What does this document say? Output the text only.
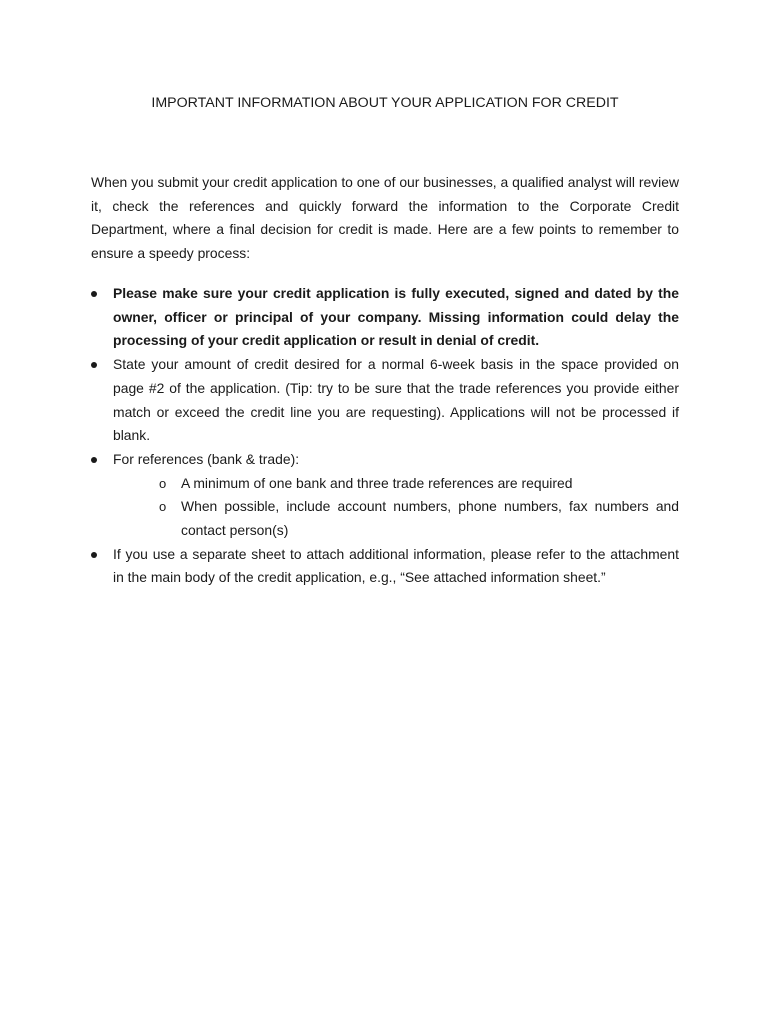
IMPORTANT INFORMATION ABOUT YOUR APPLICATION FOR CREDIT

When you submit your credit application to one of our businesses, a qualified analyst will review it, check the references and quickly forward the information to the Corporate Credit Department, where a final decision for credit is made. Here are a few points to remember to ensure a speedy process:

Please make sure your credit application is fully executed, signed and dated by the owner, officer or principal of your company. Missing information could delay the processing of your credit application or result in denial of credit.
State your amount of credit desired for a normal 6-week basis in the space provided on page #2 of the application. (Tip: try to be sure that the trade references you provide either match or exceed the credit line you are requesting). Applications will not be processed if blank.
For references (bank & trade):
o A minimum of one bank and three trade references are required
o When possible, include account numbers, phone numbers, fax numbers and contact person(s)
If you use a separate sheet to attach additional information, please refer to the attachment in the main body of the credit application, e.g., “See attached information sheet.”
